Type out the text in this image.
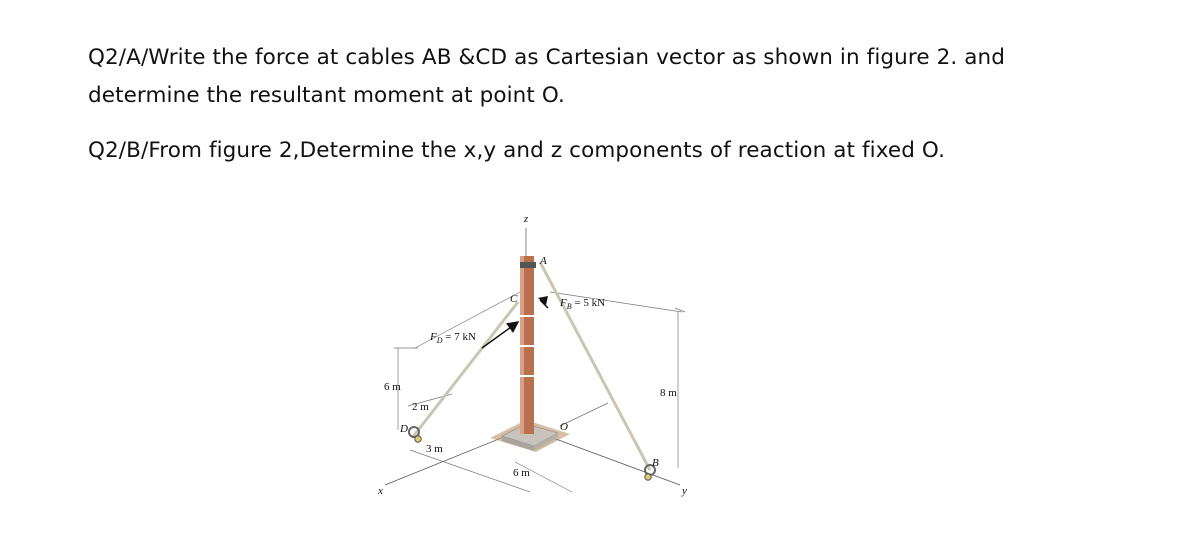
Q2/A/Write the force at cables AB &CD as Cartesian vector as shown in figure 2. and determine the resultant moment at point O.

Q2/B/From figure 2,Determine the x,y and z components of reaction at fixed O.

z
x	y
A
C
O
D
B
$F_B = 5$ kN
$F_D = 7$ kN
6 m
2 m
3 m
6 m
8 m
